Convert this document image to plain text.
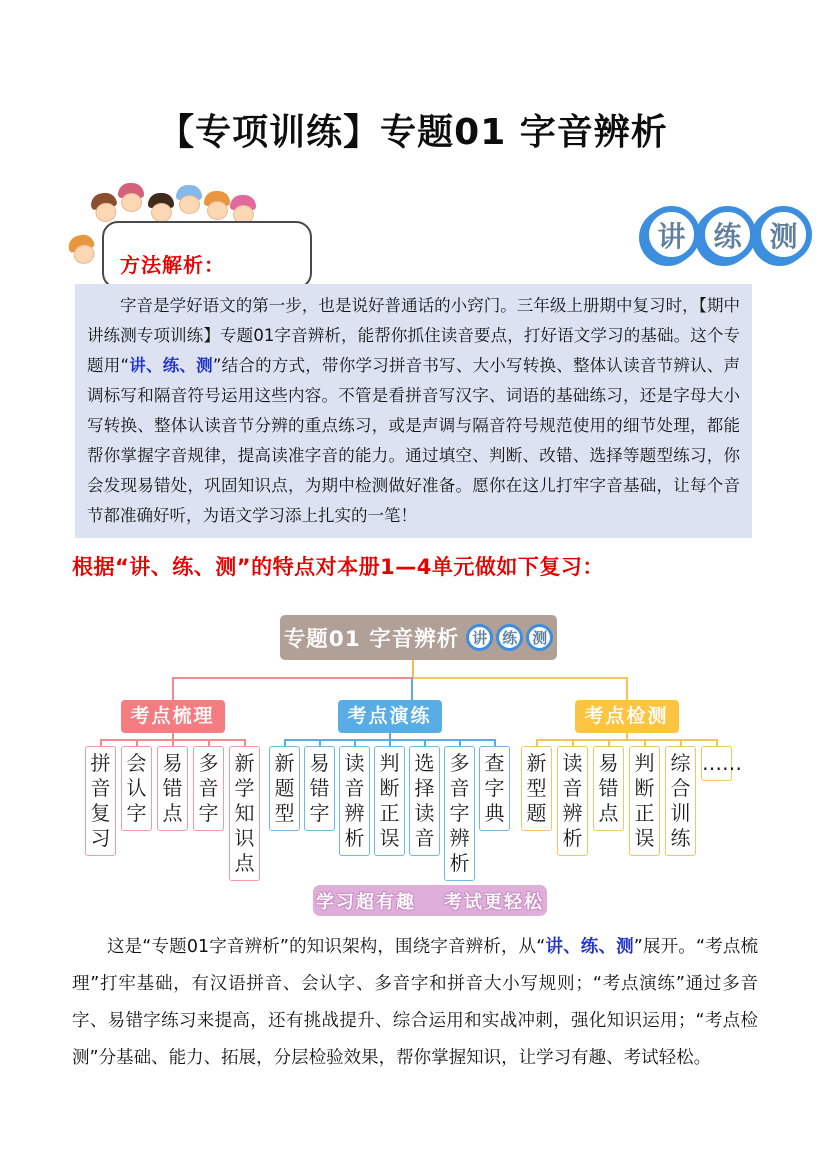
【专项训练】专题01 字音辨析
方法解析：
讲 练 测
字音是学好语文的第一步，也是说好普通话的小窍门。三年级上册期中复习时，【期中讲练测专项训练】专题01字音辨析，能帮你抓住读音要点，打好语文学习的基础。这个专题用“讲、练、测”结合的方式，带你学习拼音书写、大小写转换、整体认读音节辨认、声调标写和隔音符号运用这些内容。不管是看拼音写汉字、词语的基础练习，还是字母大小写转换、整体认读音节分辨的重点练习，或是声调与隔音符号规范使用的细节处理，都能帮你掌握字音规律，提高读准字音的能力。通过填空、判断、改错、选择等题型练习，你会发现易错处，巩固知识点，为期中检测做好准备。愿你在这儿打牢字音基础，让每个音节都准确好听，为语文学习添上扎实的一笔！
根据“讲、练、测”的特点对本册1—4单元做如下复习：
专题01 字音辨析 讲 练 测
考点梳理
拼音复习
会认字
易错点
多音字
新学知识点
考点演练
新题型
易错字
读音辨析
判断正误
选择读音
多音字辨析
查字典
考点检测
新型题
读音辨析
易错点
判断正误
综合训练
……
学习超有趣 考试更轻松
这是“专题01字音辨析”的知识架构，围绕字音辨析，从“讲、练、测”展开。“考点梳理”打牢基础，有汉语拼音、会认字、多音字和拼音大小写规则；“考点演练”通过多音字、易错字练习来提高，还有挑战提升、综合运用和实战冲刺，强化知识运用；“考点检测”分基础、能力、拓展，分层检验效果，帮你掌握知识，让学习有趣、考试轻松。
